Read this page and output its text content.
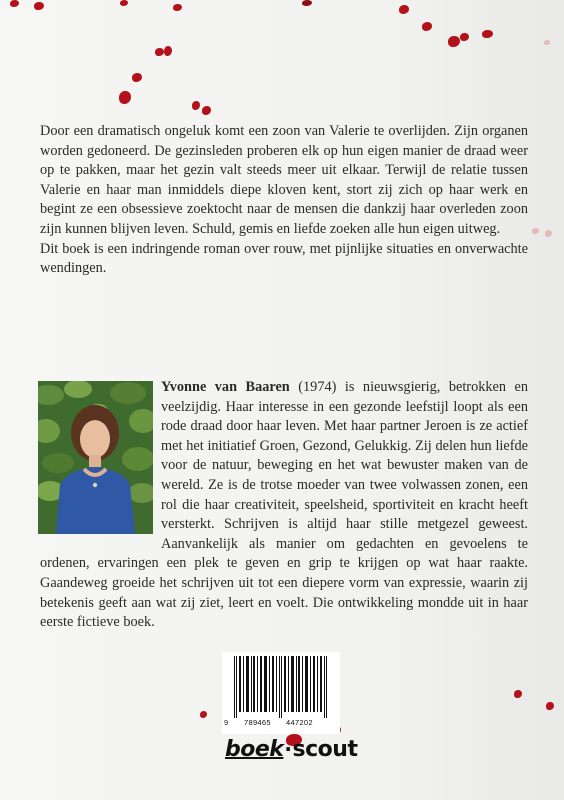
Door een dramatisch ongeluk komt een zoon van Valerie te overlijden. Zijn organen worden gedoneerd. De gezinsleden proberen elk op hun eigen manier de draad weer op te pakken, maar het gezin valt steeds meer uit elkaar. Terwijl de relatie tussen Valerie en haar man inmiddels diepe kloven kent, stort zij zich op haar werk en begint ze een obsessieve zoektocht naar de mensen die dankzij haar overleden zoon zijn kunnen blijven leven. Schuld, gemis en liefde zoeken alle hun eigen uitweg.

Dit boek is een indringende roman over rouw, met pijnlijke situaties en onverwachte wendingen.

Yvonne van Baaren (1974) is nieuwsgierig, betrokken en veelzijdig. Haar interesse in een gezonde leefstijl loopt als een rode draad door haar leven. Met haar partner Jeroen is ze actief met het initiatief Groen, Gezond, Gelukkig. Zij delen hun liefde voor de natuur, beweging en het wat bewuster maken van de wereld. Ze is de trotse moeder van twee volwassen zonen, een rol die haar creativiteit, speelsheid, sportiviteit en kracht heeft versterkt. Schrijven is altijd haar stille metgezel geweest. Aanvankelijk als manier om gedachten en gevoelens te ordenen, ervaringen een plek te geven en grip te krijgen op wat haar raakte. Gaandeweg groeide het schrijven uit tot een diepere vorm van expressie, waarin zij betekenis geeft aan wat zij ziet, leert en voelt. Die ontwikkeling mondde uit in haar eerste fictieve boek.
9 789465 447202
boek·scout
